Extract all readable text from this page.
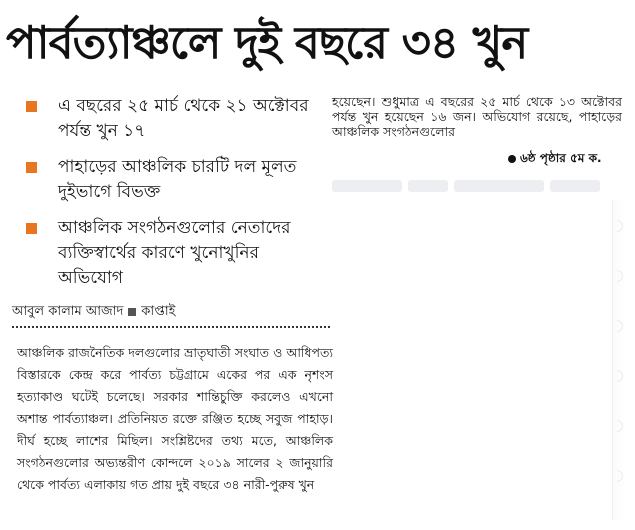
পার্বত্যাঞ্চলে দুই বছরে ৩৪ খুন
এ বছরের ২৫ মার্চ থেকে ২১ অক্টোবর পর্যন্ত খুন ১৭
পাহাড়ের আঞ্চলিক চারটি দল মূলত দুইভাগে বিভক্ত
আঞ্চলিক সংগঠনগুলোর নেতাদের ব্যক্তিস্বার্থের কারণে খুনোখুনির অভিযোগ
আবুল কালাম আজাদ কাপ্তাই
আঞ্চলিক রাজনৈতিক দলগুলোর ভ্রাতৃঘাতী সংঘাত ও আধিপত্য বিস্তারকে কেন্দ্র করে পার্বত্য চট্টগ্রামে একের পর এক নৃশংস হত্যাকাণ্ড ঘটেই চলেছে। সরকার শান্তিচুক্তি করলেও এখনো অশান্ত পার্বত্যাঞ্চল। প্রতিনিয়ত রক্তে রঞ্জিত হচ্ছে সবুজ পাহাড়। দীর্ঘ হচ্ছে লাশের মিছিল। সংশ্লিষ্টদের তথ্য মতে, আঞ্চলিক সংগঠনগুলোর অভ্যন্তরীণ কোন্দলে ২০১৯ সালের ২ জানুয়ারি থেকে পার্বত্য এলাকায় গত প্রায় দুই বছরে ৩৪ নারী-পুরুষ খুন
হয়েছেন। শুধুমাত্র এ বছরের ২৫ মার্চ থেকে ১৩ অক্টোবর পর্যন্ত খুন হয়েছেন ১৬ জন। অভিযোগ রয়েছে, পাহাড়ের আঞ্চলিক সংগঠনগুলোর
৬ষ্ঠ পৃষ্ঠার ৫ম ক.
